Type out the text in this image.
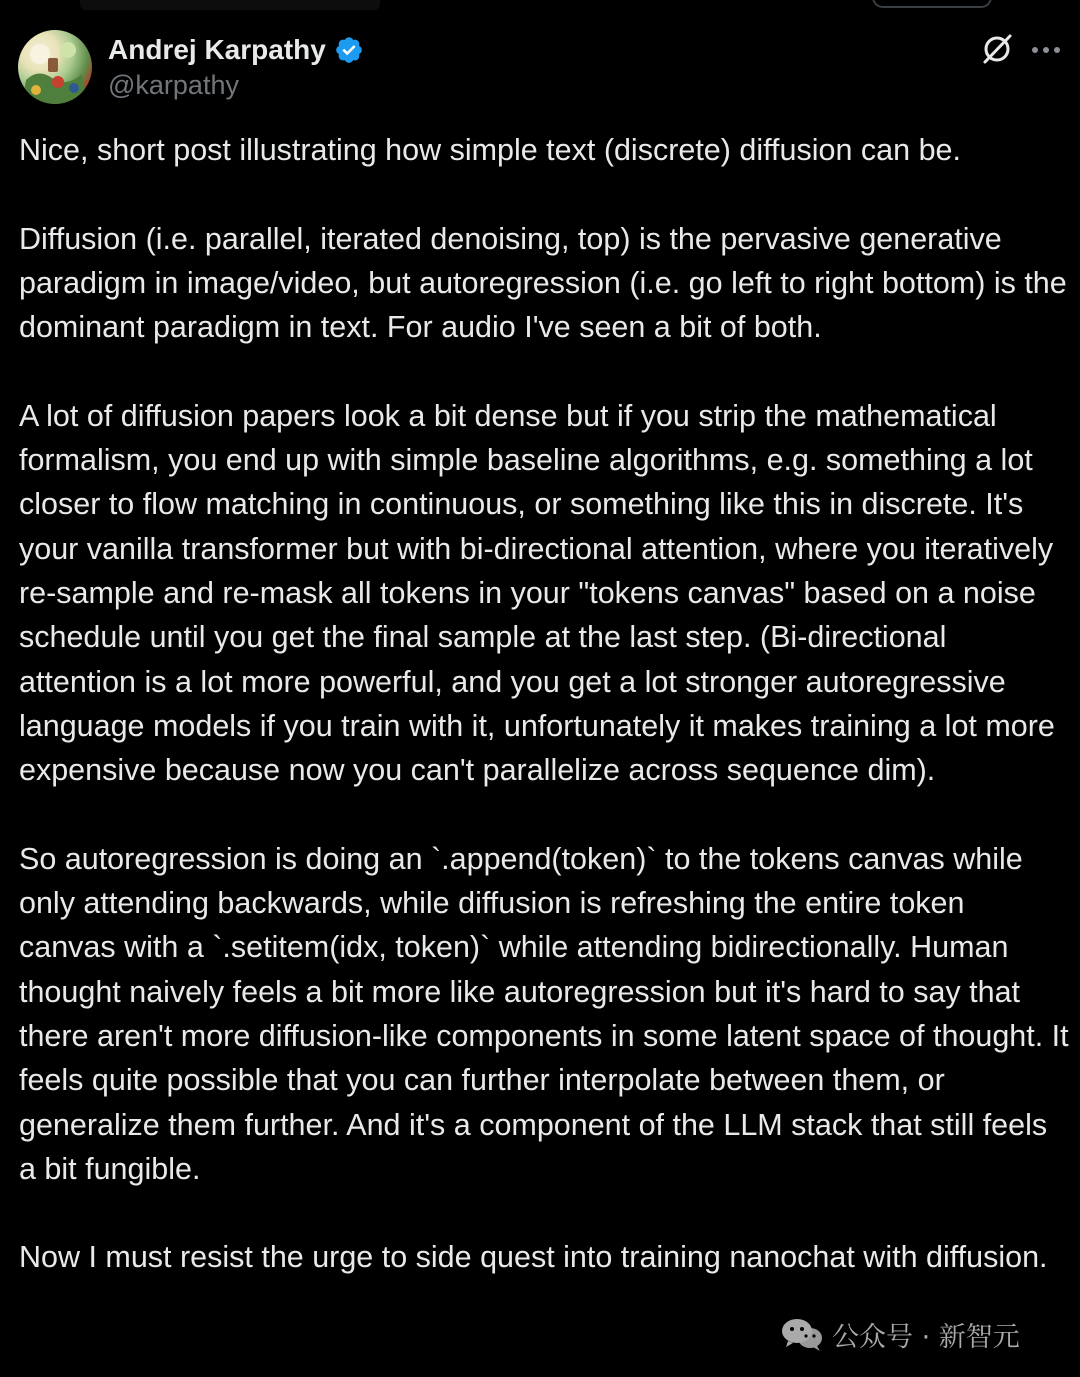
Andrej Karpathy
@karpathy

Nice, short post illustrating how simple text (discrete) diffusion can be.

Diffusion (i.e. parallel, iterated denoising, top) is the pervasive generative paradigm in image/video, but autoregression (i.e. go left to right bottom) is the dominant paradigm in text. For audio I've seen a bit of both.

A lot of diffusion papers look a bit dense but if you strip the mathematical formalism, you end up with simple baseline algorithms, e.g. something a lot closer to flow matching in continuous, or something like this in discrete. It's your vanilla transformer but with bi-directional attention, where you iteratively re-sample and re-mask all tokens in your "tokens canvas" based on a noise schedule until you get the final sample at the last step. (Bi-directional attention is a lot more powerful, and you get a lot stronger autoregressive language models if you train with it, unfortunately it makes training a lot more expensive because now you can't parallelize across sequence dim).

So autoregression is doing an `.append(token)` to the tokens canvas while only attending backwards, while diffusion is refreshing the entire token canvas with a `.setitem(idx, token)` while attending bidirectionally. Human thought naively feels a bit more like autoregression but it's hard to say that there aren't more diffusion-like components in some latent space of thought. It feels quite possible that you can further interpolate between them, or generalize them further. And it's a component of the LLM stack that still feels a bit fungible.

Now I must resist the urge to side quest into training nanochat with diffusion.

公众号 · 新智元
